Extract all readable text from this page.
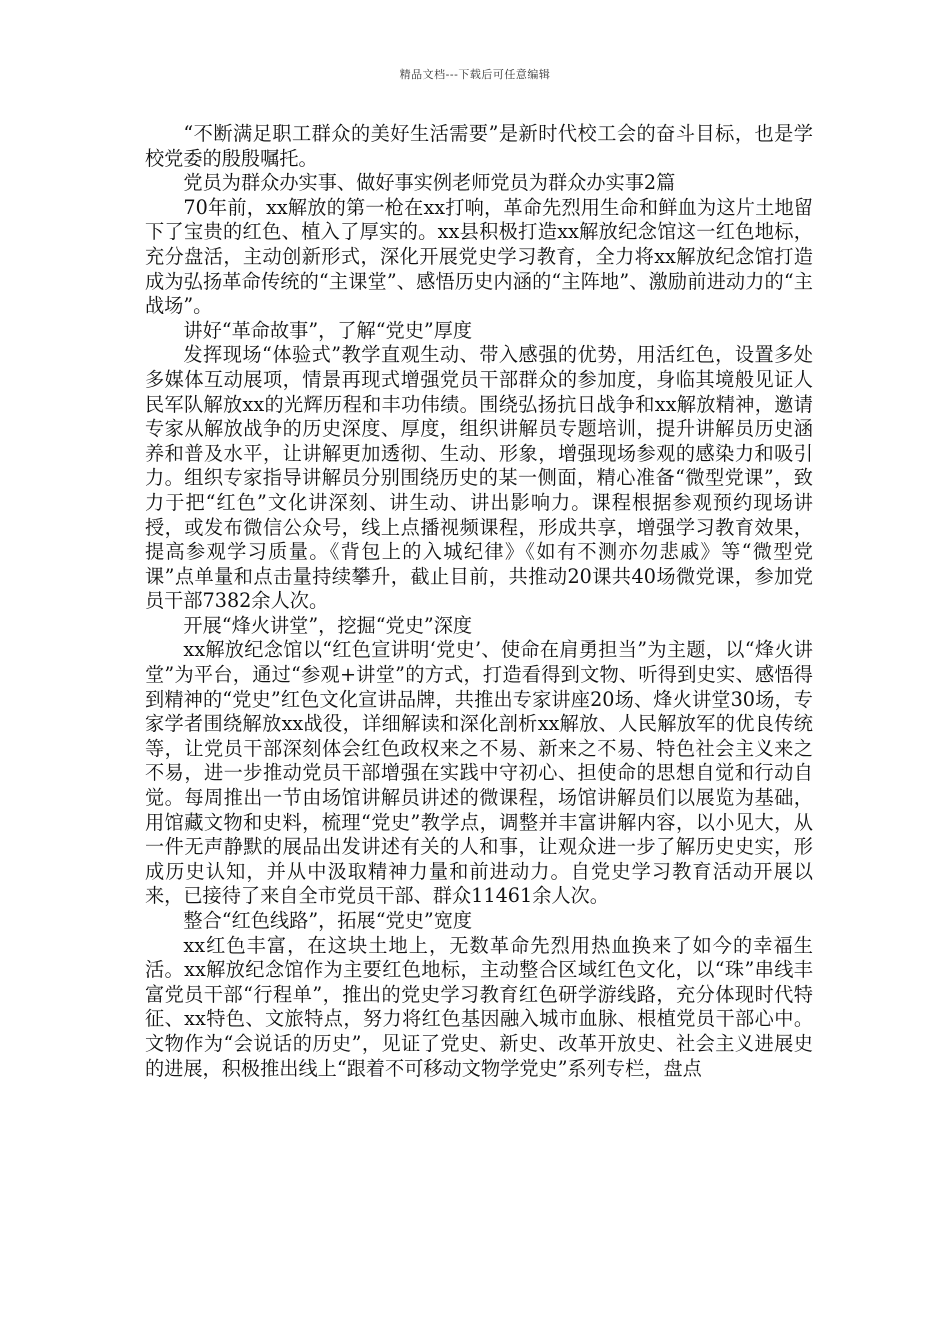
精品文档---下载后可任意编辑

“不断满足职工群众的美好生活需要”是新时代校工会的奋斗目标，也是学校党委的殷殷嘱托。

党员为群众办实事、做好事实例老师党员为群众办实事2篇

70年前，xx解放的第一枪在xx打响，革命先烈用生命和鲜血为这片土地留下了宝贵的红色、植入了厚实的。xx县积极打造xx解放纪念馆这一红色地标，充分盘活，主动创新形式，深化开展党史学习教育，全力将xx解放纪念馆打造成为弘扬革命传统的“主课堂”、感悟历史内涵的“主阵地”、激励前进动力的“主战场”。

讲好“革命故事”，了解“党史”厚度

发挥现场“体验式”教学直观生动、带入感强的优势，用活红色，设置多处多媒体互动展项，情景再现式增强党员干部群众的参加度，身临其境般见证人民军队解放xx的光辉历程和丰功伟绩。围绕弘扬抗日战争和xx解放精神，邀请专家从解放战争的历史深度、厚度，组织讲解员专题培训，提升讲解员历史涵养和普及水平，让讲解更加透彻、生动、形象，增强现场参观的感染力和吸引力。组织专家指导讲解员分别围绕历史的某一侧面，精心准备“微型党课”，致力于把“红色”文化讲深刻、讲生动、讲出影响力。课程根据参观预约现场讲授，或发布微信公众号，线上点播视频课程，形成共享，增强学习教育效果，提高参观学习质量。《背包上的入城纪律》《如有不测亦勿悲戚》等“微型党课”点单量和点击量持续攀升，截止目前，共推动20课共40场微党课，参加党员干部7382余人次。

开展“烽火讲堂”，挖掘“党史”深度

xx解放纪念馆以“红色宣讲明‘党史’、使命在肩勇担当”为主题，以“烽火讲堂”为平台，通过“参观+讲堂”的方式，打造看得到文物、听得到史实、感悟得到精神的“党史”红色文化宣讲品牌，共推出专家讲座20场、烽火讲堂30场，专家学者围绕解放xx战役，详细解读和深化剖析xx解放、人民解放军的优良传统等，让党员干部深刻体会红色政权来之不易、新来之不易、特色社会主义来之不易，进一步推动党员干部增强在实践中守初心、担使命的思想自觉和行动自觉。每周推出一节由场馆讲解员讲述的微课程，场馆讲解员们以展览为基础，用馆藏文物和史料，梳理“党史”教学点，调整并丰富讲解内容，以小见大，从一件无声静默的展品出发讲述有关的人和事，让观众进一步了解历史史实，形成历史认知，并从中汲取精神力量和前进动力。自党史学习教育活动开展以来，已接待了来自全市党员干部、群众11461余人次。

整合“红色线路”，拓展“党史”宽度

xx红色丰富，在这块土地上，无数革命先烈用热血换来了如今的幸福生活。xx解放纪念馆作为主要红色地标，主动整合区域红色文化，以“珠”串线丰富党员干部“行程单”，推出的党史学习教育红色研学游线路，充分体现时代特征、xx特色、文旅特点，努力将红色基因融入城市血脉、根植党员干部心中。文物作为“会说话的历史”，见证了党史、新史、改革开放史、社会主义进展史的进展，积极推出线上“跟着不可移动文物学党史”系列专栏，盘点
